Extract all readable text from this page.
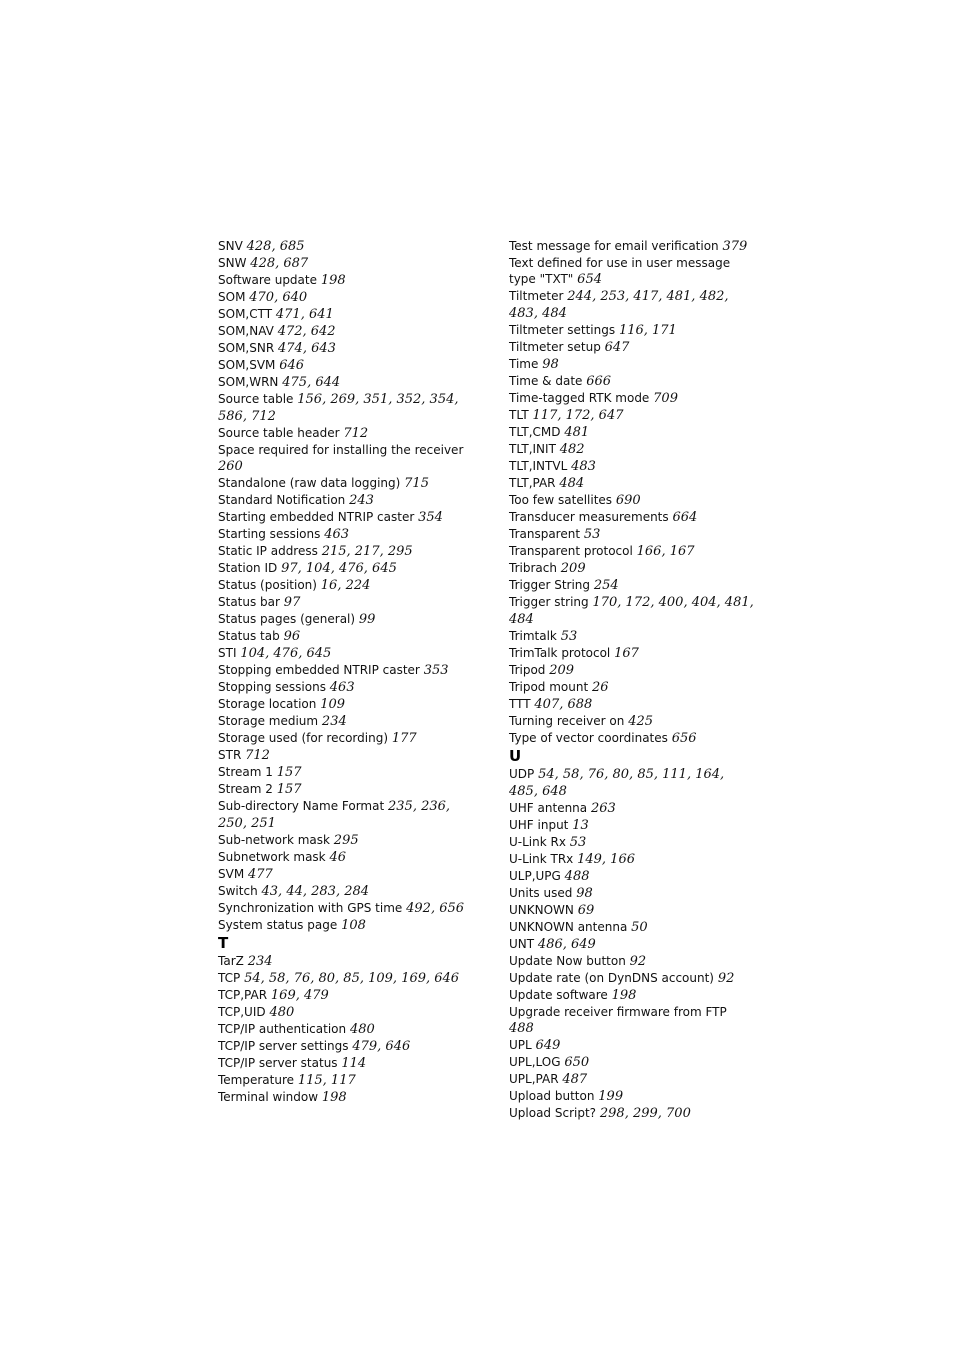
SNV 428, 685

SNW 428, 687

Software update 198

SOM 470, 640

SOM,CTT 471, 641

SOM,NAV 472, 642

SOM,SNR 474, 643

SOM,SVM 646

SOM,WRN 475, 644

Source table 156, 269, 351, 352, 354, 586, 712

Source table header 712

Space required for installing the receiver 260

Standalone (raw data logging) 715

Standard Notification 243

Starting embedded NTRIP caster 354

Starting sessions 463

Static IP address 215, 217, 295

Station ID 97, 104, 476, 645

Status (position) 16, 224

Status bar 97

Status pages (general) 99

Status tab 96

STI 104, 476, 645

Stopping embedded NTRIP caster 353

Stopping sessions 463

Storage location 109

Storage medium 234

Storage used (for recording) 177

STR 712

Stream 1 157

Stream 2 157

Sub-directory Name Format 235, 236, 250, 251

Sub-network mask 295

Subnetwork mask 46

SVM 477

Switch 43, 44, 283, 284

Synchronization with GPS time 492, 656

System status page 108

T

TarZ 234

TCP 54, 58, 76, 80, 85, 109, 169, 646

TCP,PAR 169, 479

TCP,UID 480

TCP/IP authentication 480

TCP/IP server settings 479, 646

TCP/IP server status 114

Temperature 115, 117

Terminal window 198

Test message for email verification 379

Text defined for use in user message type "TXT" 654

Tiltmeter 244, 253, 417, 481, 482, 483, 484

Tiltmeter settings 116, 171

Tiltmeter setup 647

Time 98

Time & date 666

Time-tagged RTK mode 709

TLT 117, 172, 647

TLT,CMD 481

TLT,INIT 482

TLT,INTVL 483

TLT,PAR 484

Too few satellites 690

Transducer measurements 664

Transparent 53

Transparent protocol 166, 167

Tribrach 209

Trigger String 254

Trigger string 170, 172, 400, 404, 481, 484

Trimtalk 53

TrimTalk protocol 167

Tripod 209

Tripod mount 26

TTT 407, 688

Turning receiver on 425

Type of vector coordinates 656

U

UDP 54, 58, 76, 80, 85, 111, 164, 485, 648

UHF antenna 263

UHF input 13

U-Link Rx 53

U-Link TRx 149, 166

ULP,UPG 488

Units used 98

UNKNOWN 69

UNKNOWN antenna 50

UNT 486, 649

Update Now button 92

Update rate (on DynDNS account) 92

Update software 198

Upgrade receiver firmware from FTP 488

UPL 649

UPL,LOG 650

UPL,PAR 487

Upload button 199

Upload Script? 298, 299, 700
